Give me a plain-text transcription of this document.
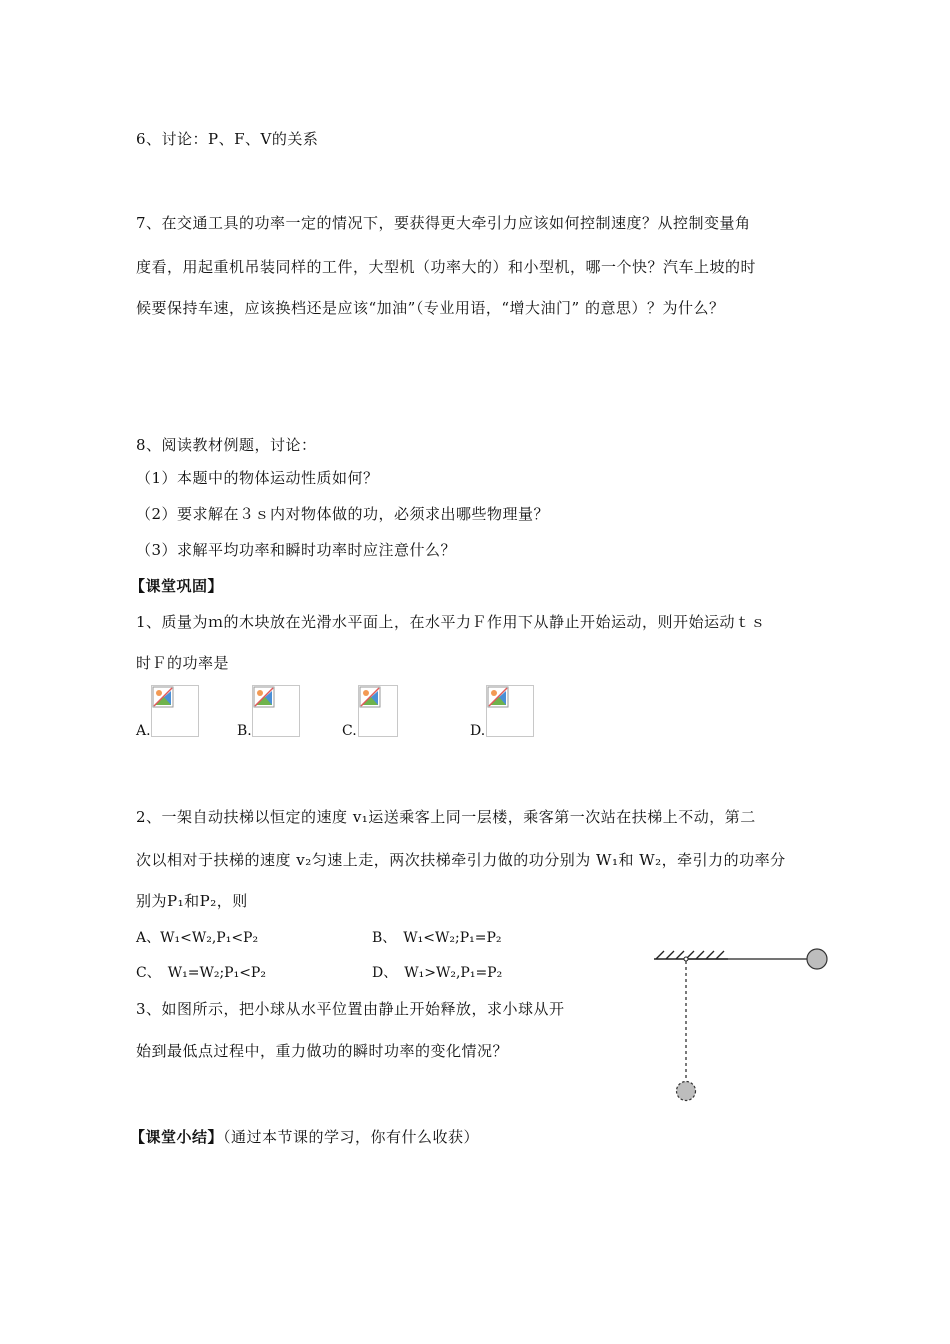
6、讨论：P、F、V的关系
7、在交通工具的功率一定的情况下，要获得更大牵引力应该如何控制速度？从控制变量角
度看，用起重机吊装同样的工件，大型机（功率大的）和小型机，哪一个快？汽车上坡的时
候要保持车速，应该换档还是应该“加油”（专业用语，“增大油门” 的意思）？为什么？
8、阅读教材例题，讨论：
（1）本题中的物体运动性质如何？
（2）要求解在３ｓ内对物体做的功，必须求出哪些物理量？
（3）求解平均功率和瞬时功率时应注意什么？
【课堂巩固】
1、质量为ｍ的木块放在光滑水平面上，在水平力Ｆ作用下从静止开始运动，则开始运动ｔｓ
时Ｆ的功率是
A.	B.	C.	D.
2、一架自动扶梯以恒定的速度 v₁运送乘客上同一层楼，乘客第一次站在扶梯上不动，第二
次以相对于扶梯的速度 v₂匀速上走，两次扶梯牵引力做的功分别为 W₁和 W₂，牵引力的功率分
别为P₁和P₂，则
A、W₁<W₂,P₁<P₂	B、　W₁<W₂;P₁=P₂
C、　W₁=W₂;P₁<P₂	D、　W₁>W₂,P₁=P₂
3、如图所示，把小球从水平位置由静止开始释放，求小球从开
始到最低点过程中，重力做功的瞬时功率的变化情况？
【课堂小结】（通过本节课的学习，你有什么收获）
